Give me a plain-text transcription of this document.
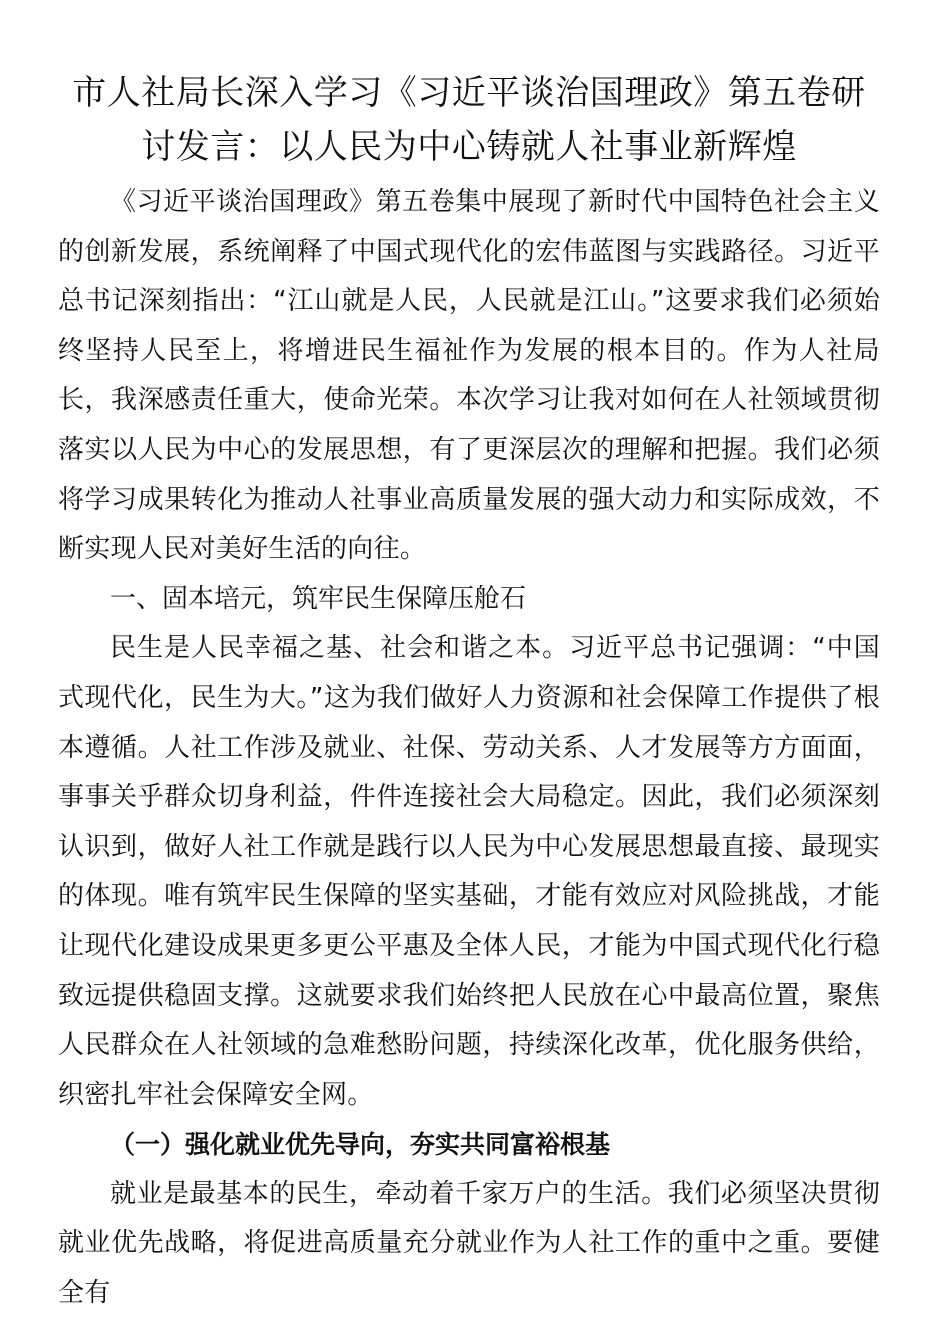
市人社局长深入学习《习近平谈治国理政》第五卷研讨发言：以人民为中心铸就人社事业新辉煌

《习近平谈治国理政》第五卷集中展现了新时代中国特色社会主义的创新发展，系统阐释了中国式现代化的宏伟蓝图与实践路径。习近平总书记深刻指出：“江山就是人民，人民就是江山。”这要求我们必须始终坚持人民至上，将增进民生福祉作为发展的根本目的。作为人社局长，我深感责任重大，使命光荣。本次学习让我对如何在人社领域贯彻落实以人民为中心的发展思想，有了更深层次的理解和把握。我们必须将学习成果转化为推动人社事业高质量发展的强大动力和实际成效，不断实现人民对美好生活的向往。

一、固本培元，筑牢民生保障压舱石

民生是人民幸福之基、社会和谐之本。习近平总书记强调：“中国式现代化，民生为大。”这为我们做好人力资源和社会保障工作提供了根本遵循。人社工作涉及就业、社保、劳动关系、人才发展等方方面面，事事关乎群众切身利益，件件连接社会大局稳定。因此，我们必须深刻认识到，做好人社工作就是践行以人民为中心发展思想最直接、最现实的体现。唯有筑牢民生保障的坚实基础，才能有效应对风险挑战，才能让现代化建设成果更多更公平惠及全体人民，才能为中国式现代化行稳致远提供稳固支撑。这就要求我们始终把人民放在心中最高位置，聚焦人民群众在人社领域的急难愁盼问题，持续深化改革，优化服务供给，织密扎牢社会保障安全网。

（一）强化就业优先导向，夯实共同富裕根基

就业是最基本的民生，牵动着千家万户的生活。我们必须坚决贯彻就业优先战略，将促进高质量充分就业作为人社工作的重中之重。要健全有
